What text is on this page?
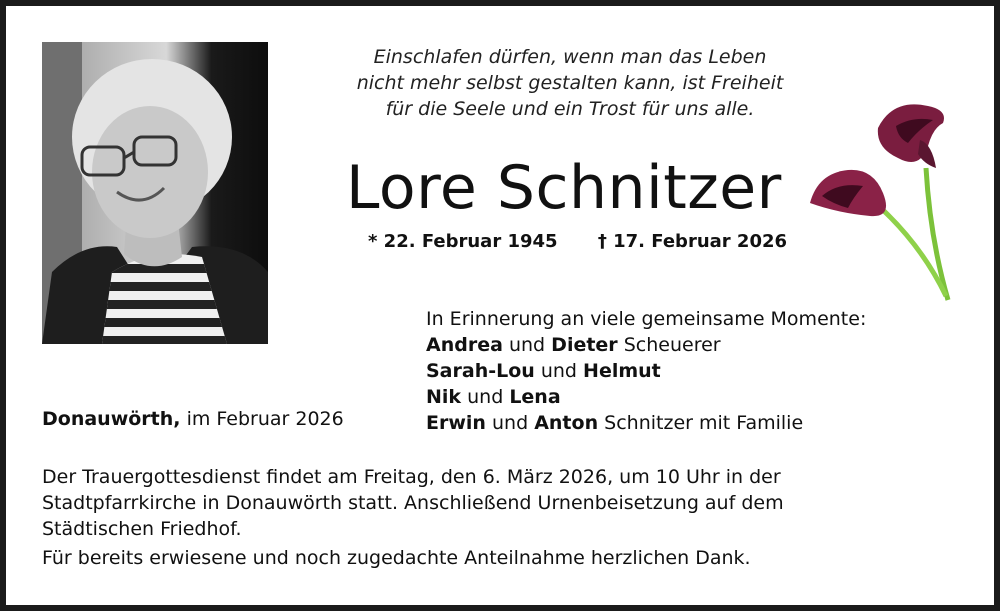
Einschlafen dürfen, wenn man das Leben
nicht mehr selbst gestalten kann, ist Freiheit
für die Seele und ein Trost für uns alle.
Lore Schnitzer
* 22. Februar 1945 † 17. Februar 2026
In Erinnerung an viele gemeinsame Momente:
Andrea und Dieter Scheuerer
Sarah-Lou und Helmut
Nik und Lena
Erwin und Anton Schnitzer mit Familie
Donauwörth, im Februar 2026
Der Trauergottesdienst findet am Freitag, den 6. März 2026, um 10 Uhr in der
Stadtpfarrkirche in Donauwörth statt. Anschließend Urnenbeisetzung auf dem
Städtischen Friedhof.
Für bereits erwiesene und noch zugedachte Anteilnahme herzlichen Dank.
